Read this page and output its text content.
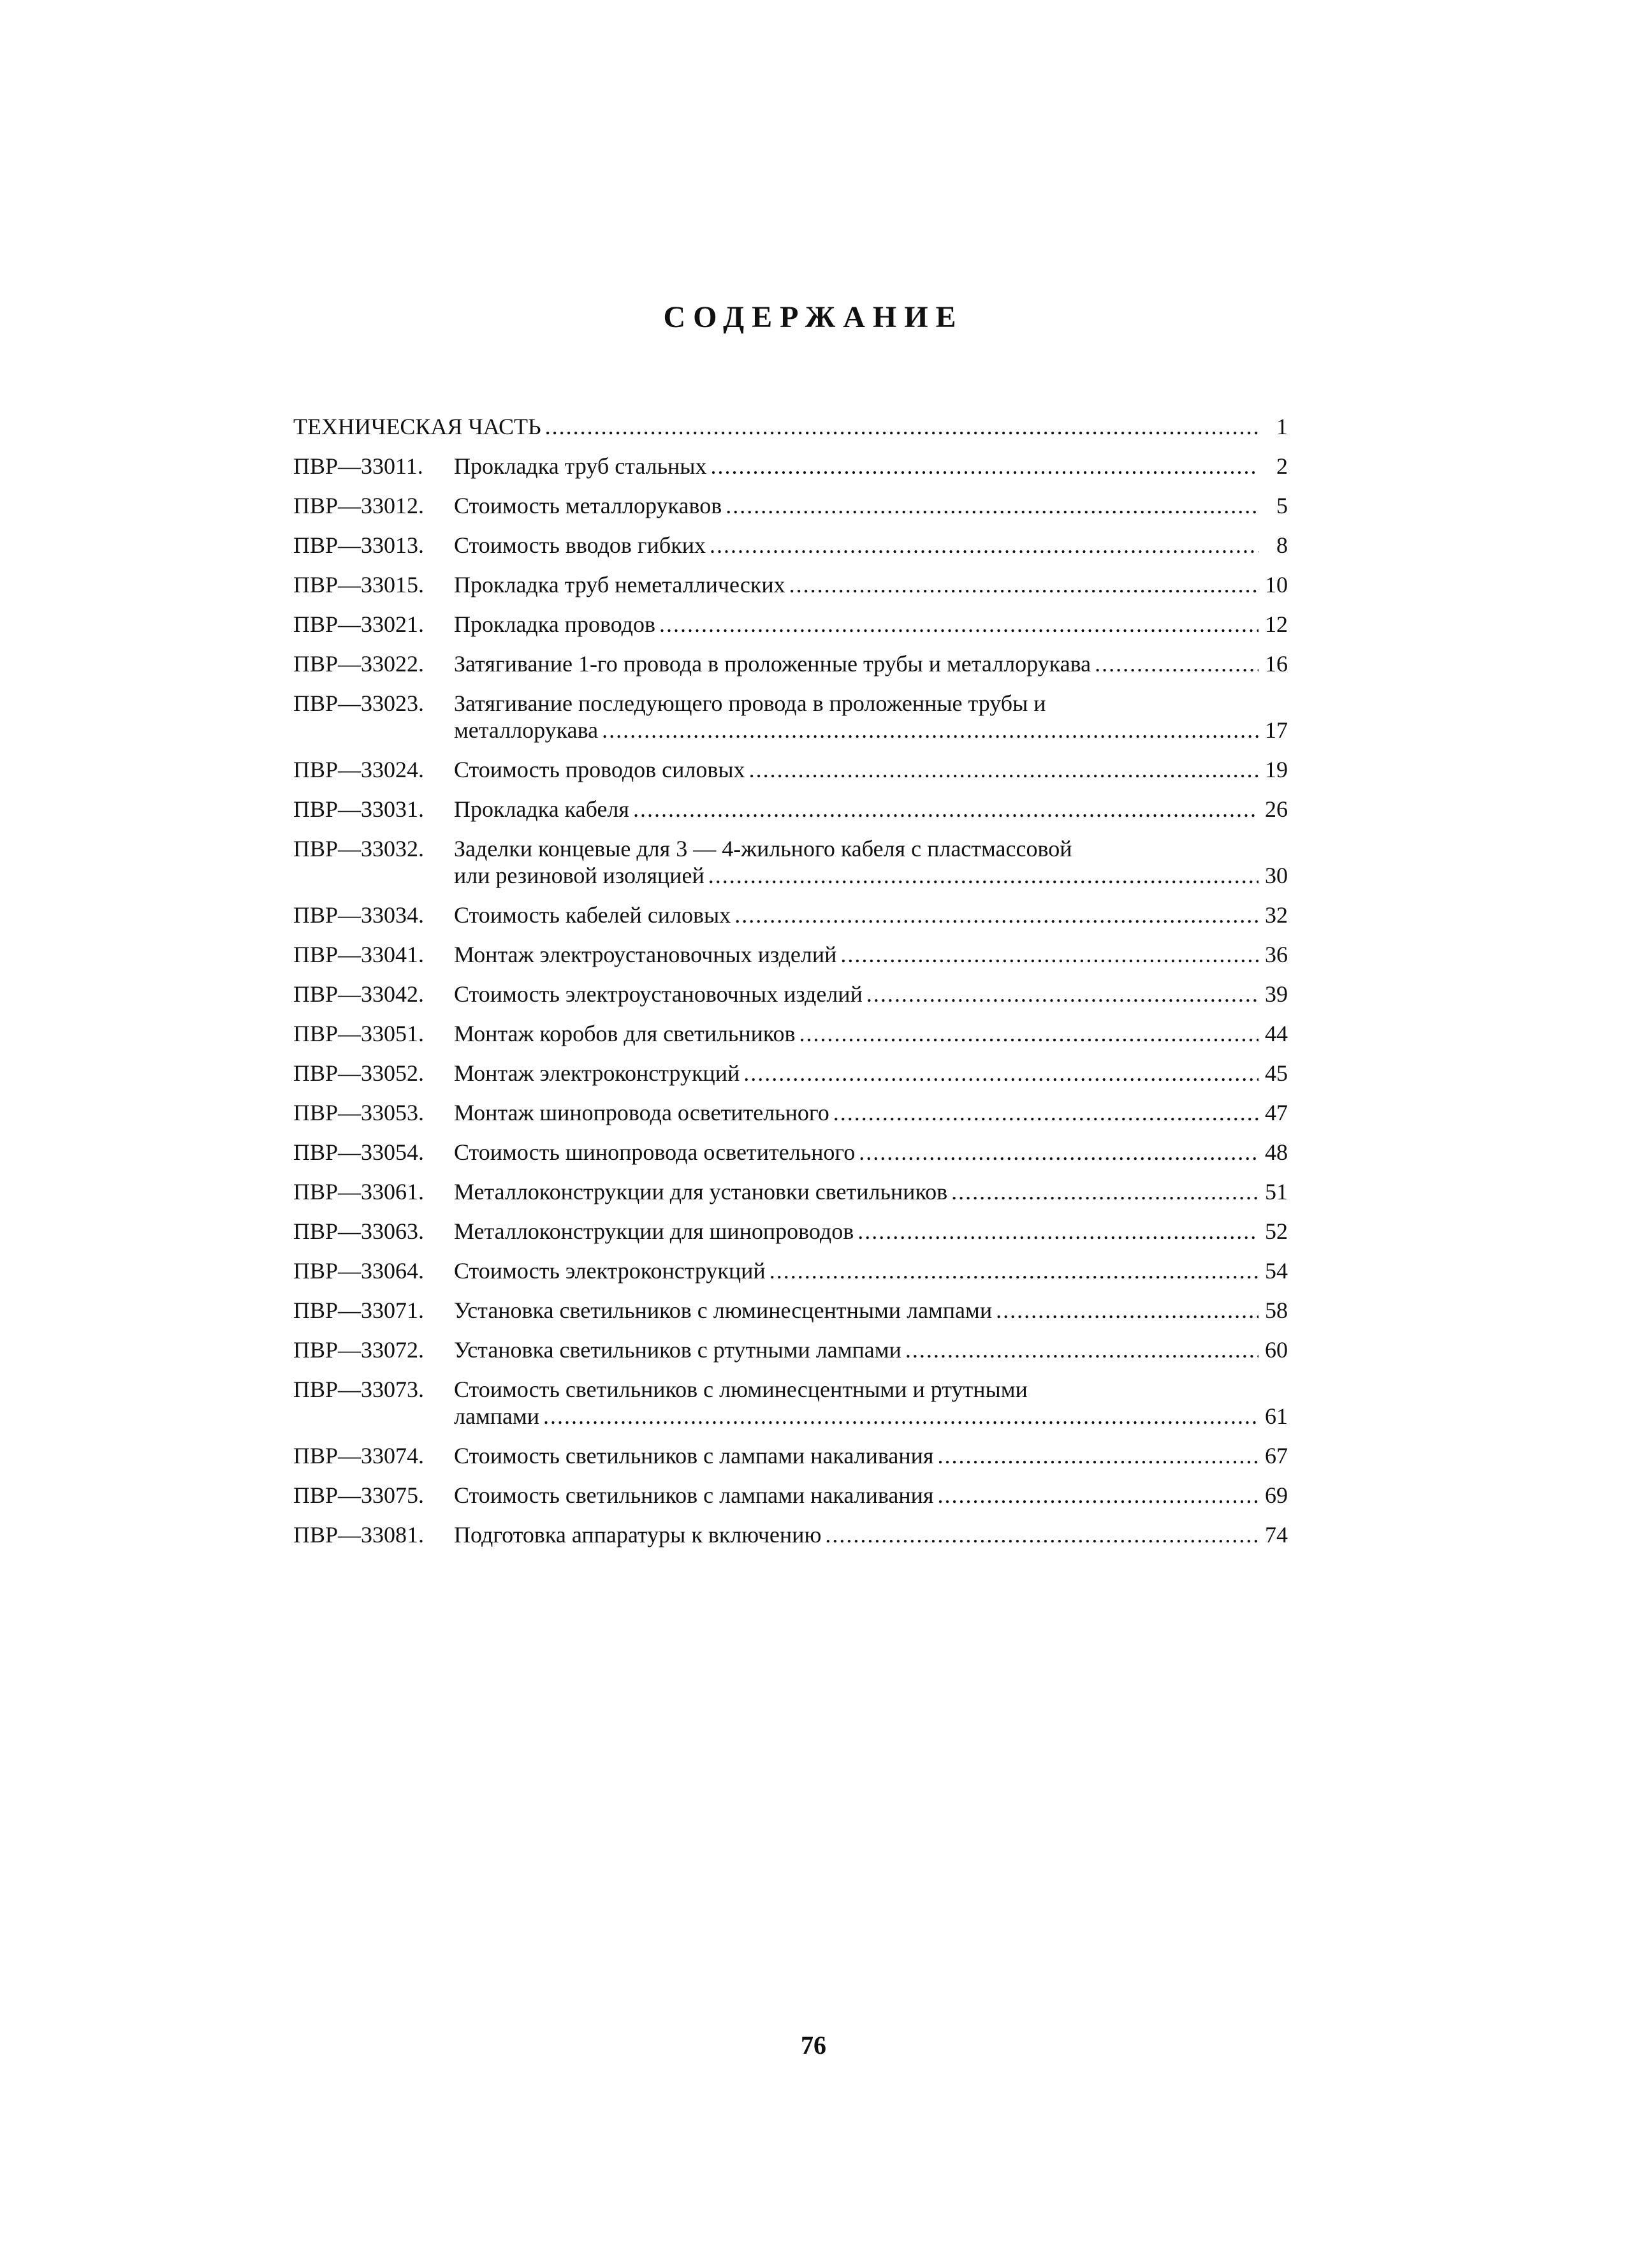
СОДЕРЖАНИЕ
ТЕХНИЧЕСКАЯ ЧАСТЬ .....	1
ПВР—33011.	Прокладка труб стальных .....	2
ПВР—33012.	Стоимость металлорукавов .....	5
ПВР—33013.	Стоимость вводов гибких .....	8
ПВР—33015.	Прокладка труб неметаллических .....	10
ПВР—33021.	Прокладка проводов .....	12
ПВР—33022.	Затягивание 1-го провода в проложенные трубы и металлорукава .....	16
ПВР—33023.	Затягивание последующего провода в проложенные трубы и
металлорукава .....	17
ПВР—33024.	Стоимость проводов силовых .....	19
ПВР—33031.	Прокладка кабеля .....	26
ПВР—33032.	Заделки концевые для 3 — 4-жильного кабеля с пластмассовой
или резиновой изоляцией .....	30
ПВР—33034.	Стоимость кабелей силовых .....	32
ПВР—33041.	Монтаж электроустановочных изделий .....	36
ПВР—33042.	Стоимость электроустановочных изделий .....	39
ПВР—33051.	Монтаж коробов для светильников .....	44
ПВР—33052.	Монтаж электроконструкций .....	45
ПВР—33053.	Монтаж шинопровода осветительного .....	47
ПВР—33054.	Стоимость шинопровода осветительного .....	48
ПВР—33061.	Металлоконструкции для установки светильников .....	51
ПВР—33063.	Металлоконструкции для шинопроводов .....	52
ПВР—33064.	Стоимость электроконструкций .....	54
ПВР—33071.	Установка светильников с люминесцентными лампами .....	58
ПВР—33072.	Установка светильников с ртутными лампами .....	60
ПВР—33073.	Стоимость светильников с люминесцентными и ртутными
лампами .....	61
ПВР—33074.	Стоимость светильников с лампами накаливания .....	67
ПВР—33075.	Стоимость светильников с лампами накаливания .....	69
ПВР—33081.	Подготовка аппаратуры к включению .....	74
76
